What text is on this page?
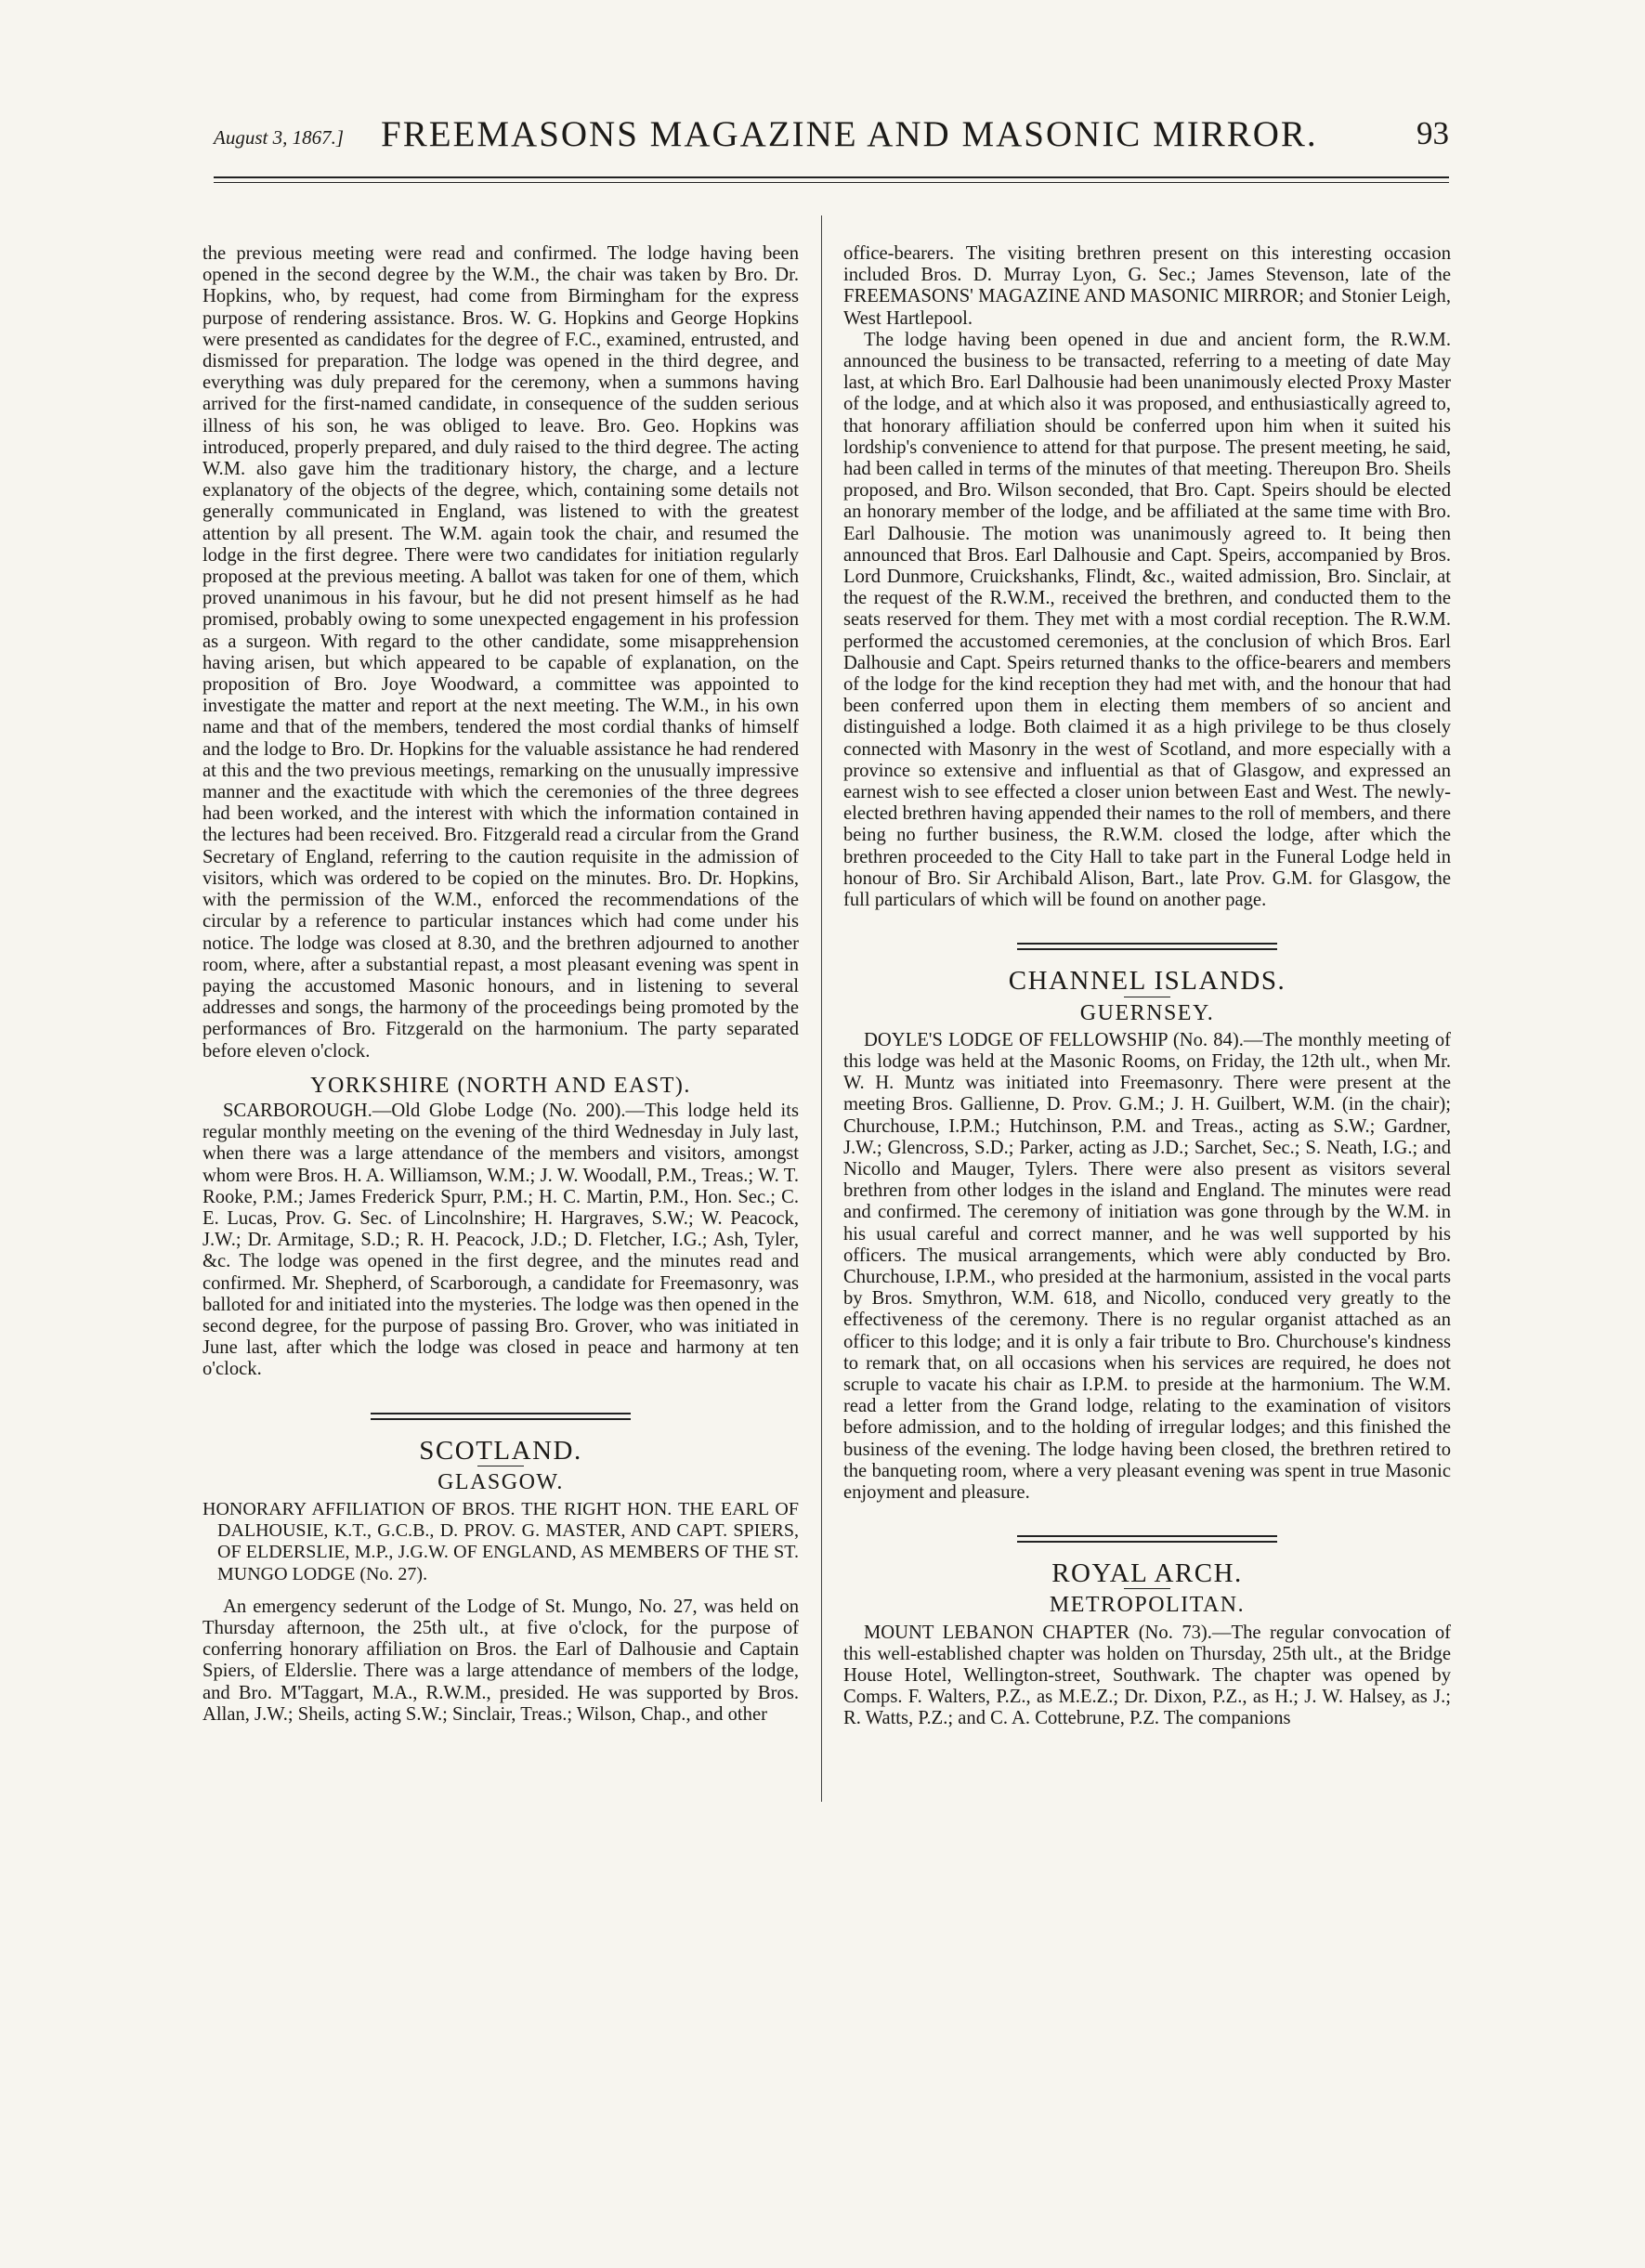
August 3, 1867.] FREEMASONS MAGAZINE AND MASONIC MIRROR.	93

the previous meeting were read and confirmed. The lodge having been opened in the second degree by the W.M., the chair was taken by Bro. Dr. Hopkins, who, by request, had come from Birmingham for the express purpose of rendering assistance. Bros. W. G. Hopkins and George Hopkins were presented as candidates for the degree of F.C., examined, entrusted, and dismissed for preparation. The lodge was opened in the third degree, and everything was duly prepared for the ceremony, when a summons having arrived for the first-named candidate, in consequence of the sudden serious illness of his son, he was obliged to leave. Bro. Geo. Hopkins was introduced, properly prepared, and duly raised to the third degree. The acting W.M. also gave him the traditionary history, the charge, and a lecture explanatory of the objects of the degree, which, containing some details not generally communicated in England, was listened to with the greatest attention by all present. The W.M. again took the chair, and resumed the lodge in the first degree. There were two candidates for initiation regularly proposed at the previous meeting. A ballot was taken for one of them, which proved unanimous in his favour, but he did not present himself as he had promised, probably owing to some unexpected engagement in his profession as a surgeon. With regard to the other candidate, some misapprehension having arisen, but which appeared to be capable of explanation, on the proposition of Bro. Joye Woodward, a committee was appointed to investigate the matter and report at the next meeting. The W.M., in his own name and that of the members, tendered the most cordial thanks of himself and the lodge to Bro. Dr. Hopkins for the valuable assistance he had rendered at this and the two previous meetings, remarking on the unusually impressive manner and the exactitude with which the ceremonies of the three degrees had been worked, and the interest with which the information contained in the lectures had been received. Bro. Fitzgerald read a circular from the Grand Secretary of England, referring to the caution requisite in the admission of visitors, which was ordered to be copied on the minutes. Bro. Dr. Hopkins, with the permission of the W.M., enforced the recommendations of the circular by a reference to particular instances which had come under his notice. The lodge was closed at 8.30, and the brethren adjourned to another room, where, after a substantial repast, a most pleasant evening was spent in paying the accustomed Masonic honours, and in listening to several addresses and songs, the harmony of the proceedings being promoted by the performances of Bro. Fitzgerald on the harmonium. The party separated before eleven o'clock.

YORKSHIRE (NORTH AND EAST).

SCARBOROUGH.—Old Globe Lodge (No. 200).—This lodge held its regular monthly meeting on the evening of the third Wednesday in July last, when there was a large attendance of the members and visitors, amongst whom were Bros. H. A. Williamson, W.M.; J. W. Woodall, P.M., Treas.; W. T. Rooke, P.M.; James Frederick Spurr, P.M.; H. C. Martin, P.M., Hon. Sec.; C. E. Lucas, Prov. G. Sec. of Lincolnshire; H. Hargraves, S.W.; W. Peacock, J.W.; Dr. Armitage, S.D.; R. H. Peacock, J.D.; D. Fletcher, I.G.; Ash, Tyler, &c. The lodge was opened in the first degree, and the minutes read and confirmed. Mr. Shepherd, of Scarborough, a candidate for Freemasonry, was balloted for and initiated into the mysteries. The lodge was then opened in the second degree, for the purpose of passing Bro. Grover, who was initiated in June last, after which the lodge was closed in peace and harmony at ten o'clock.

SCOTLAND.
GLASGOW.

HONORARY AFFILIATION OF BROS. THE RIGHT HON. THE EARL OF DALHOUSIE, K.T., G.C.B., D. PROV. G. MASTER, AND CAPT. SPIERS, OF ELDERSLIE, M.P., J.G.W. OF ENGLAND, AS MEMBERS OF THE ST. MUNGO LODGE (No. 27).

An emergency sederunt of the Lodge of St. Mungo, No. 27, was held on Thursday afternoon, the 25th ult., at five o'clock, for the purpose of conferring honorary affiliation on Bros. the Earl of Dalhousie and Captain Spiers, of Elderslie. There was a large attendance of members of the lodge, and Bro. M'Taggart, M.A., R.W.M., presided. He was supported by Bros. Allan, J.W.; Sheils, acting S.W.; Sinclair, Treas.; Wilson, Chap., and other

office-bearers. The visiting brethren present on this interesting occasion included Bros. D. Murray Lyon, G. Sec.; James Stevenson, late of the FREEMASONS' MAGAZINE AND MASONIC MIRROR; and Stonier Leigh, West Hartlepool.

The lodge having been opened in due and ancient form, the R.W.M. announced the business to be transacted, referring to a meeting of date May last, at which Bro. Earl Dalhousie had been unanimously elected Proxy Master of the lodge, and at which also it was proposed, and enthusiastically agreed to, that honorary affiliation should be conferred upon him when it suited his lordship's convenience to attend for that purpose. The present meeting, he said, had been called in terms of the minutes of that meeting. Thereupon Bro. Sheils proposed, and Bro. Wilson seconded, that Bro. Capt. Speirs should be elected an honorary member of the lodge, and be affiliated at the same time with Bro. Earl Dalhousie. The motion was unanimously agreed to. It being then announced that Bros. Earl Dalhousie and Capt. Speirs, accompanied by Bros. Lord Dunmore, Cruickshanks, Flindt, &c., waited admission, Bro. Sinclair, at the request of the R.W.M., received the brethren, and conducted them to the seats reserved for them. They met with a most cordial reception. The R.W.M. performed the accustomed ceremonies, at the conclusion of which Bros. Earl Dalhousie and Capt. Speirs returned thanks to the office-bearers and members of the lodge for the kind reception they had met with, and the honour that had been conferred upon them in electing them members of so ancient and distinguished a lodge. Both claimed it as a high privilege to be thus closely connected with Masonry in the west of Scotland, and more especially with a province so extensive and influential as that of Glasgow, and expressed an earnest wish to see effected a closer union between East and West. The newly-elected brethren having appended their names to the roll of members, and there being no further business, the R.W.M. closed the lodge, after which the brethren proceeded to the City Hall to take part in the Funeral Lodge held in honour of Bro. Sir Archibald Alison, Bart., late Prov. G.M. for Glasgow, the full particulars of which will be found on another page.

CHANNEL ISLANDS.
GUERNSEY.

DOYLE'S LODGE OF FELLOWSHIP (No. 84).—The monthly meeting of this lodge was held at the Masonic Rooms, on Friday, the 12th ult., when Mr. W. H. Muntz was initiated into Freemasonry. There were present at the meeting Bros. Gallienne, D. Prov. G.M.; J. H. Guilbert, W.M. (in the chair); Churchouse, I.P.M.; Hutchinson, P.M. and Treas., acting as S.W.; Gardner, J.W.; Glencross, S.D.; Parker, acting as J.D.; Sarchet, Sec.; S. Neath, I.G.; and Nicollo and Mauger, Tylers. There were also present as visitors several brethren from other lodges in the island and England. The minutes were read and confirmed. The ceremony of initiation was gone through by the W.M. in his usual careful and correct manner, and he was well supported by his officers. The musical arrangements, which were ably conducted by Bro. Churchouse, I.P.M., who presided at the harmonium, assisted in the vocal parts by Bros. Smythron, W.M. 618, and Nicollo, conduced very greatly to the effectiveness of the ceremony. There is no regular organist attached as an officer to this lodge; and it is only a fair tribute to Bro. Churchouse's kindness to remark that, on all occasions when his services are required, he does not scruple to vacate his chair as I.P.M. to preside at the harmonium. The W.M. read a letter from the Grand lodge, relating to the examination of visitors before admission, and to the holding of irregular lodges; and this finished the business of the evening. The lodge having been closed, the brethren retired to the banqueting room, where a very pleasant evening was spent in true Masonic enjoyment and pleasure.

ROYAL ARCH.
METROPOLITAN.

MOUNT LEBANON CHAPTER (No. 73).—The regular convocation of this well-established chapter was holden on Thursday, 25th ult., at the Bridge House Hotel, Wellington-street, Southwark. The chapter was opened by Comps. F. Walters, P.Z., as M.E.Z.; Dr. Dixon, P.Z., as H.; J. W. Halsey, as J.; R. Watts, P.Z.; and C. A. Cottebrune, P.Z. The companions
